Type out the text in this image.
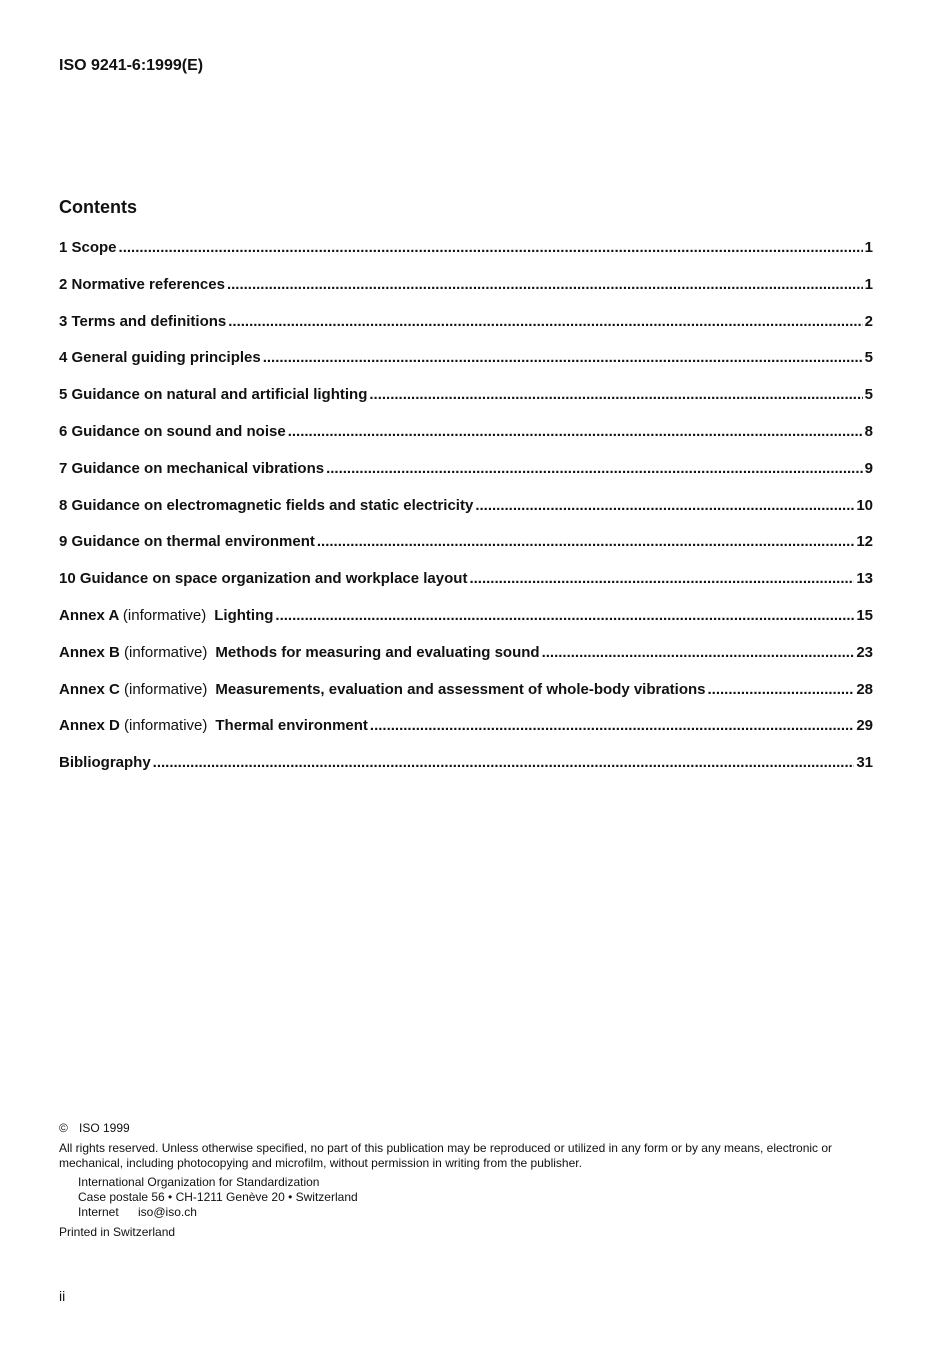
ISO 9241-6:1999(E)
Contents
1 Scope .....	1
2 Normative references .....	1
3 Terms and definitions .....	2
4 General guiding principles .....	5
5 Guidance on natural and artificial lighting .....	5
6 Guidance on sound and noise .....	8
7 Guidance on mechanical vibrations .....	9
8 Guidance on electromagnetic fields and static electricity .....	10
9 Guidance on thermal environment .....	12
10 Guidance on space organization and workplace layout .....	13
Annex A (informative) Lighting .....	15
Annex B (informative) Methods for measuring and evaluating sound .....	23
Annex C (informative) Measurements, evaluation and assessment of whole-body vibrations .....	28
Annex D (informative) Thermal environment .....	29
Bibliography .....	31
© ISO 1999
All rights reserved. Unless otherwise specified, no part of this publication may be reproduced or utilized in any form or by any means, electronic or mechanical, including photocopying and microfilm, without permission in writing from the publisher.
International Organization for Standardization
Case postale 56 • CH-1211 Genève 20 • Switzerland
Internet iso@iso.ch
Printed in Switzerland
ii
